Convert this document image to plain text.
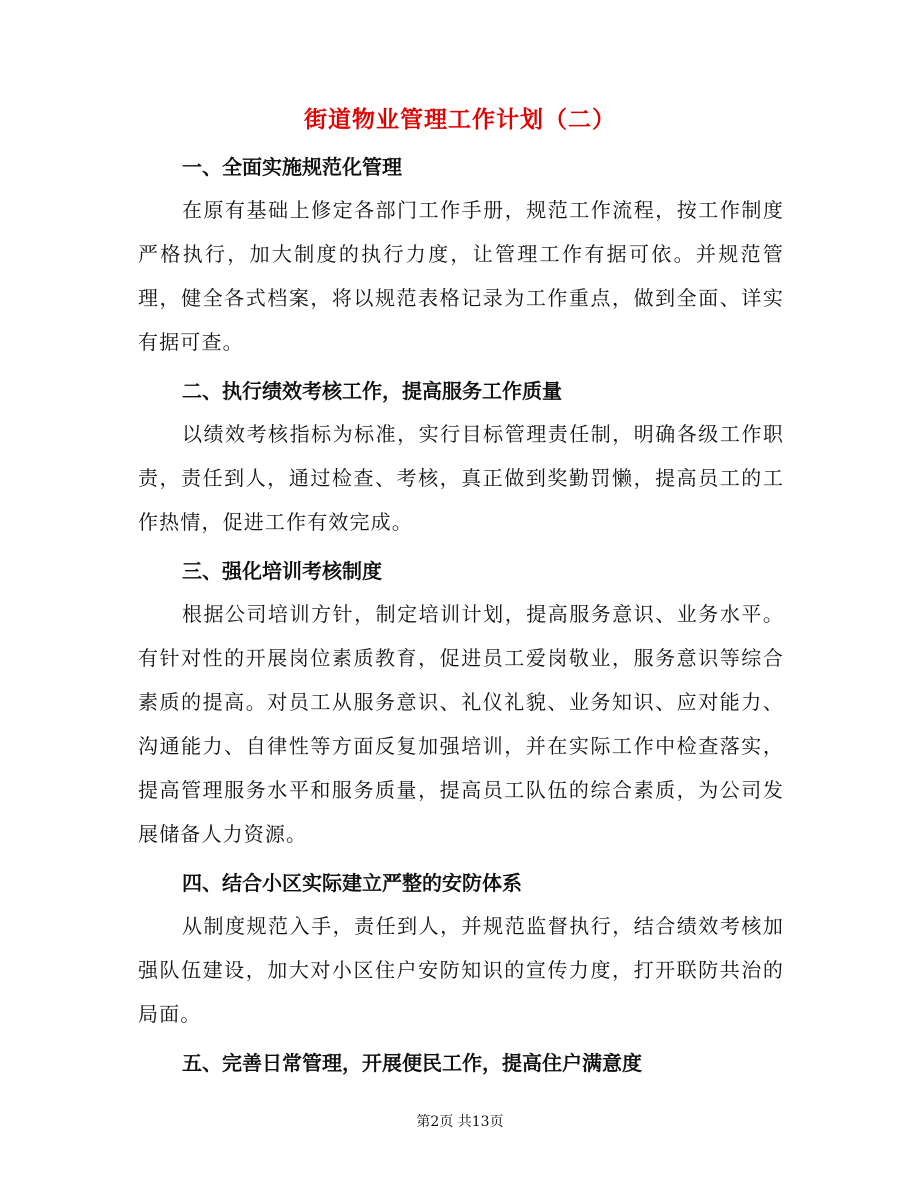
街道物业管理工作计划（二）
一、全面实施规范化管理

在原有基础上修定各部门工作手册，规范工作流程，按工作制度严格执行，加大制度的执行力度，让管理工作有据可依。并规范管理，健全各式档案，将以规范表格记录为工作重点，做到全面、详实有据可查。

二、执行绩效考核工作，提高服务工作质量

以绩效考核指标为标准，实行目标管理责任制，明确各级工作职责，责任到人，通过检查、考核，真正做到奖勤罚懒，提高员工的工作热情，促进工作有效完成。

三、强化培训考核制度

根据公司培训方针，制定培训计划，提高服务意识、业务水平。有针对性的开展岗位素质教育，促进员工爱岗敬业，服务意识等综合素质的提高。对员工从服务意识、礼仪礼貌、业务知识、应对能力、沟通能力、自律性等方面反复加强培训，并在实际工作中检查落实，提高管理服务水平和服务质量，提高员工队伍的综合素质，为公司发展储备人力资源。

四、结合小区实际建立严整的安防体系

从制度规范入手，责任到人，并规范监督执行，结合绩效考核加强队伍建设，加大对小区住户安防知识的宣传力度，打开联防共治的局面。

五、完善日常管理，开展便民工作，提高住户满意度
第2页 共13页
